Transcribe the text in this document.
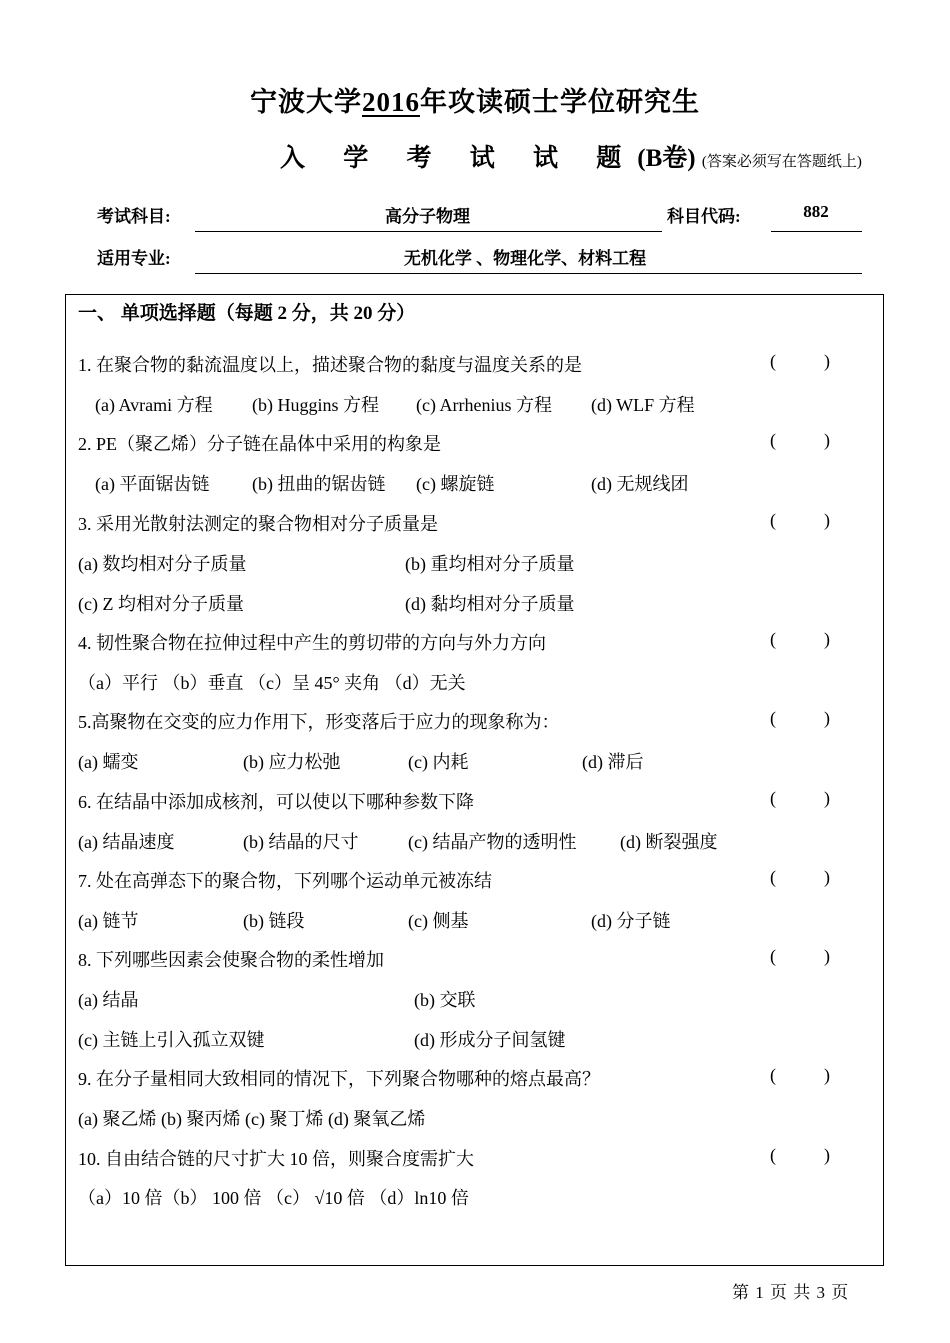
宁波大学2016年攻读硕士学位研究生
入 学 考 试 试 题(B卷) (答案必须写在答题纸上)
考试科目:	高分子物理	科目代码:	882
适用专业:	无机化学 、物理化学、材料工程
一、 单项选择题（每题 2 分，共 20 分）
1. 在聚合物的黏流温度以上，描述聚合物的黏度与温度关系的是	(	)
(a) Avrami 方程 (b) Huggins 方程 (c) Arrhenius 方程 (d) WLF 方程
2. PE（聚乙烯）分子链在晶体中采用的构象是	(	)
(a) 平面锯齿链 (b) 扭曲的锯齿链 (c) 螺旋链	(d) 无规线团
3. 采用光散射法测定的聚合物相对分子质量是	(	)
(a) 数均相对分子质量	(b) 重均相对分子质量
(c) Z 均相对分子质量	(d) 黏均相对分子质量
4. 韧性聚合物在拉伸过程中产生的剪切带的方向与外力方向	(	)
（a）平行 （b）垂直 （c）呈 45° 夹角 （d）无关
5.高聚物在交变的应力作用下，形变落后于应力的现象称为：	(	)
(a) 蠕变	(b) 应力松弛	(c) 内耗	(d) 滞后
6. 在结晶中添加成核剂，可以使以下哪种参数下降	(	)
(a) 结晶速度	(b) 结晶的尺寸	(c) 结晶产物的透明性 (d) 断裂强度
7. 处在高弹态下的聚合物，下列哪个运动单元被冻结	(	)
(a) 链节	(b) 链段	(c) 侧基	(d) 分子链
8. 下列哪些因素会使聚合物的柔性增加	(	)
(a) 结晶	(b) 交联
(c) 主链上引入孤立双键	(d) 形成分子间氢键
9. 在分子量相同大致相同的情况下，下列聚合物哪种的熔点最高？	(	)
(a) 聚乙烯 (b) 聚丙烯 (c) 聚丁烯 (d) 聚氧乙烯
10. 自由结合链的尺寸扩大 10 倍，则聚合度需扩大	(	)
（a）10 倍（b） 100 倍 （c） √10 倍 （d）ln10 倍
第 1 页 共 3 页
